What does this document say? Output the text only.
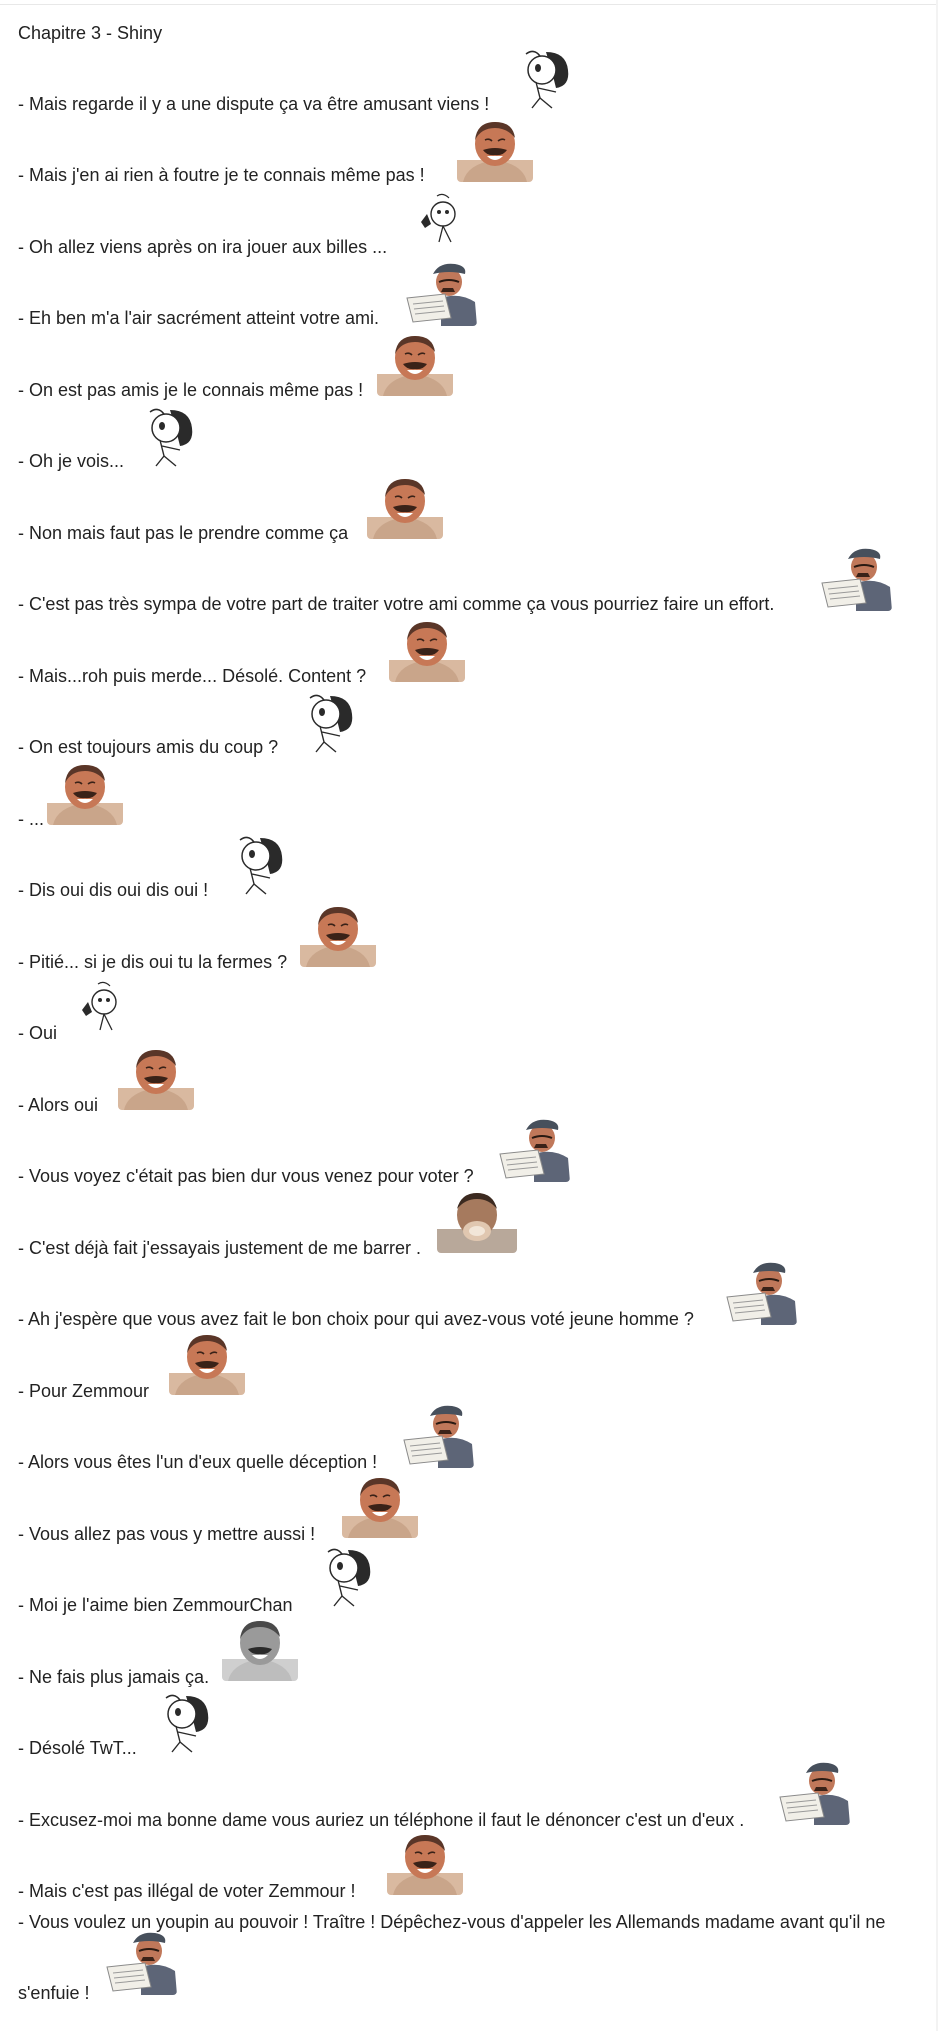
Chapitre 3 - Shiny
- Mais regarde il y a une dispute ça va être amusant viens !
- Mais j'en ai rien à foutre je te connais même pas !
- Oh allez viens après on ira jouer aux billes ...
- Eh ben m'a l'air sacrément atteint votre ami.
- On est pas amis je le connais même pas !
- Oh je vois...
- Non mais faut pas le prendre comme ça
- C'est pas très sympa de votre part de traiter votre ami comme ça vous pourriez faire un effort.
- Mais...roh puis merde... Désolé. Content ?
- On est toujours amis du coup ?
- ...
- Dis oui dis oui dis oui !
- Pitié... si je dis oui tu la fermes ?
- Oui
- Alors oui
- Vous voyez c'était pas bien dur vous venez pour voter ?
- C'est déjà fait j'essayais justement de me barrer .
- Ah j'espère que vous avez fait le bon choix pour qui avez-vous voté jeune homme ?
- Pour Zemmour
- Alors vous êtes l'un d'eux quelle déception !
- Vous allez pas vous y mettre aussi !
- Moi je l'aime bien ZemmourChan
- Ne fais plus jamais ça.
- Désolé TwT...
- Excusez-moi ma bonne dame vous auriez un téléphone il faut le dénoncer c'est un d'eux .
- Mais c'est pas illégal de voter Zemmour !
- Vous voulez un youpin au pouvoir ! Traître ! Dépêchez-vous d'appeler les Allemands madame avant qu'il ne
s'enfuie !
